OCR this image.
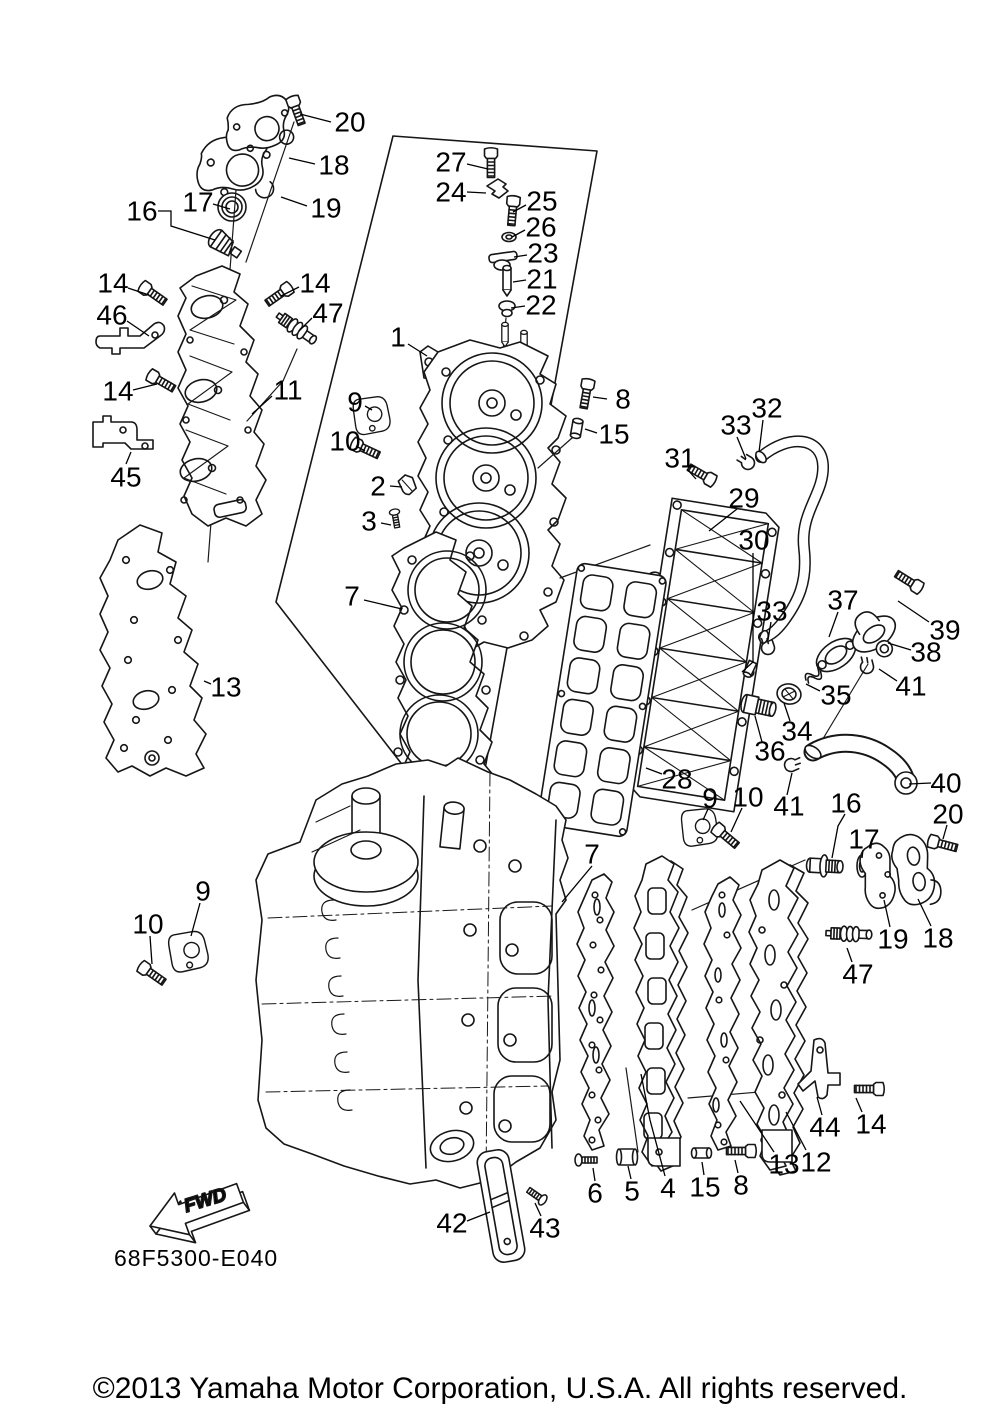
FWD
20
18
19
16 17
14	14
46	47
14	11
45
13
27
24 25
26
23
21
22
1
9
10
2
3
7
8
15
32
33
31
29
30
33 37
39
38
41
35
34
36
28
41
40
9 10 16
17
20
19 18
47
9
10
7
42 43
6 5 4 15 8
13 12
44 14
68F5300-E040
©2013 Yamaha Motor Corporation, U.S.A. All rights reserved.
